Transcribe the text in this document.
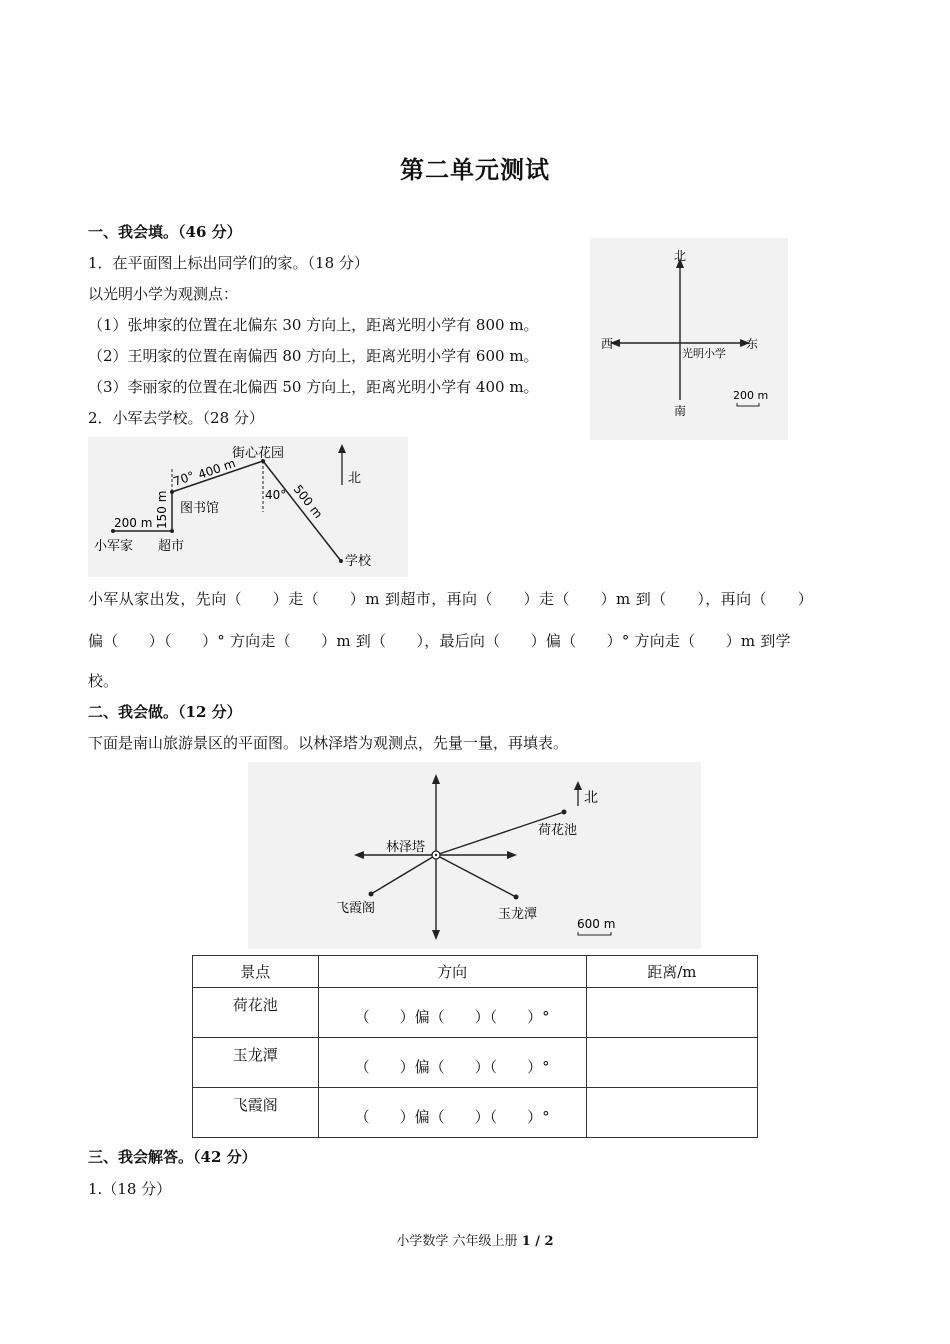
第二单元测试
一、我会填。（46 分）
1．在平面图上标出同学们的家。（18 分）
以光明小学为观测点：
（1）张坤家的位置在北偏东 30 方向上，距离光明小学有 800 m。
（2）王明家的位置在南偏西 80 方向上，距离光明小学有 600 m。
（3）李丽家的位置在北偏西 50 方向上，距离光明小学有 400 m。
北
南
西	东
光明小学
200 m
2．小军去学校。（28 分）
北
小军家 超市
图书馆
街心花园
学校
200 m 150 m
70° 400 m
40° 500 m
小军从家出发，先向（　　）走（　　）m 到超市，再向（　　）走（　　）m 到（　　），再向（　　）
偏（　　）（　　）° 方向走（　　）m 到（　　），最后向（　　）偏（　　）° 方向走（　　）m 到学
校。
二、我会做。（12 分）
下面是南山旅游景区的平面图。以林泽塔为观测点，先量一量，再填表。
北
林泽塔
荷花池
飞霞阁	玉龙潭
600 m
景点	方向	距离/m
荷花池	（　　）偏（　　）（　　）°	
玉龙潭	（　　）偏（　　）（　　）°	
飞霞阁	（　　）偏（　　）（　　）°	
三、我会解答。（42 分）
1.（18 分）
小学数学 六年级上册 1 / 2
